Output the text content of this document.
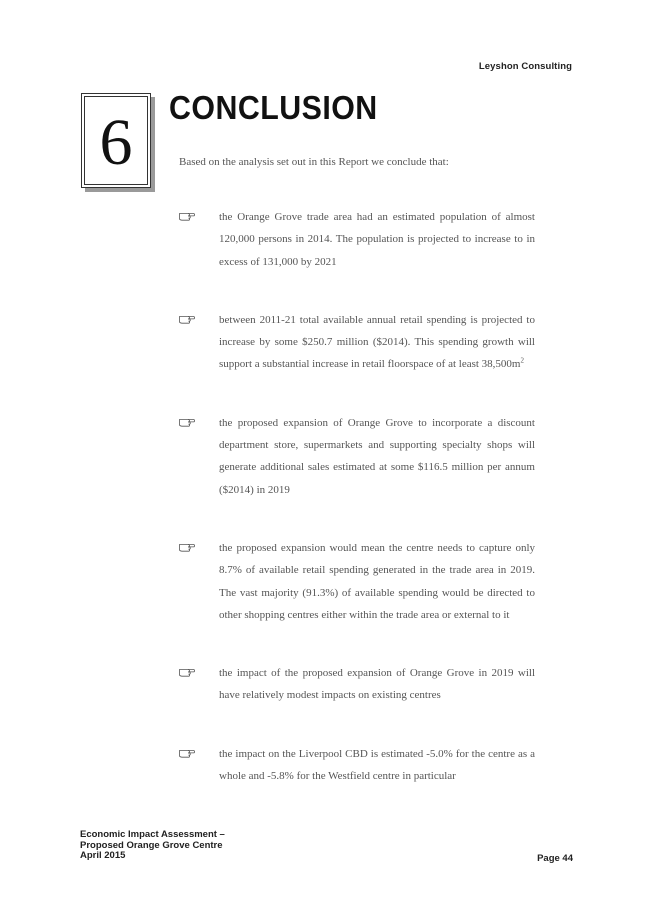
Leyshon Consulting
6 CONCLUSION
Based on the analysis set out in this Report we conclude that:
the Orange Grove trade area had an estimated population of almost 120,000 persons in 2014. The population is projected to increase to in excess of 131,000 by 2021
between 2011-21 total available annual retail spending is projected to increase by some $250.7 million ($2014). This spending growth will support a substantial increase in retail floorspace of at least $38,500m^2$
the proposed expansion of Orange Grove to incorporate a discount department store, supermarkets and supporting specialty shops will generate additional sales estimated at some $116.5 million per annum ($2014) in 2019
the proposed expansion would mean the centre needs to capture only 8.7% of available retail spending generated in the trade area in 2019. The vast majority (91.3%) of available spending would be directed to other shopping centres either within the trade area or external to it
the impact of the proposed expansion of Orange Grove in 2019 will have relatively modest impacts on existing centres
the impact on the Liverpool CBD is estimated -5.0% for the centre as a whole and -5.8% for the Westfield centre in particular
Economic Impact Assessment –
Proposed Orange Grove Centre
April 2015	Page 44
